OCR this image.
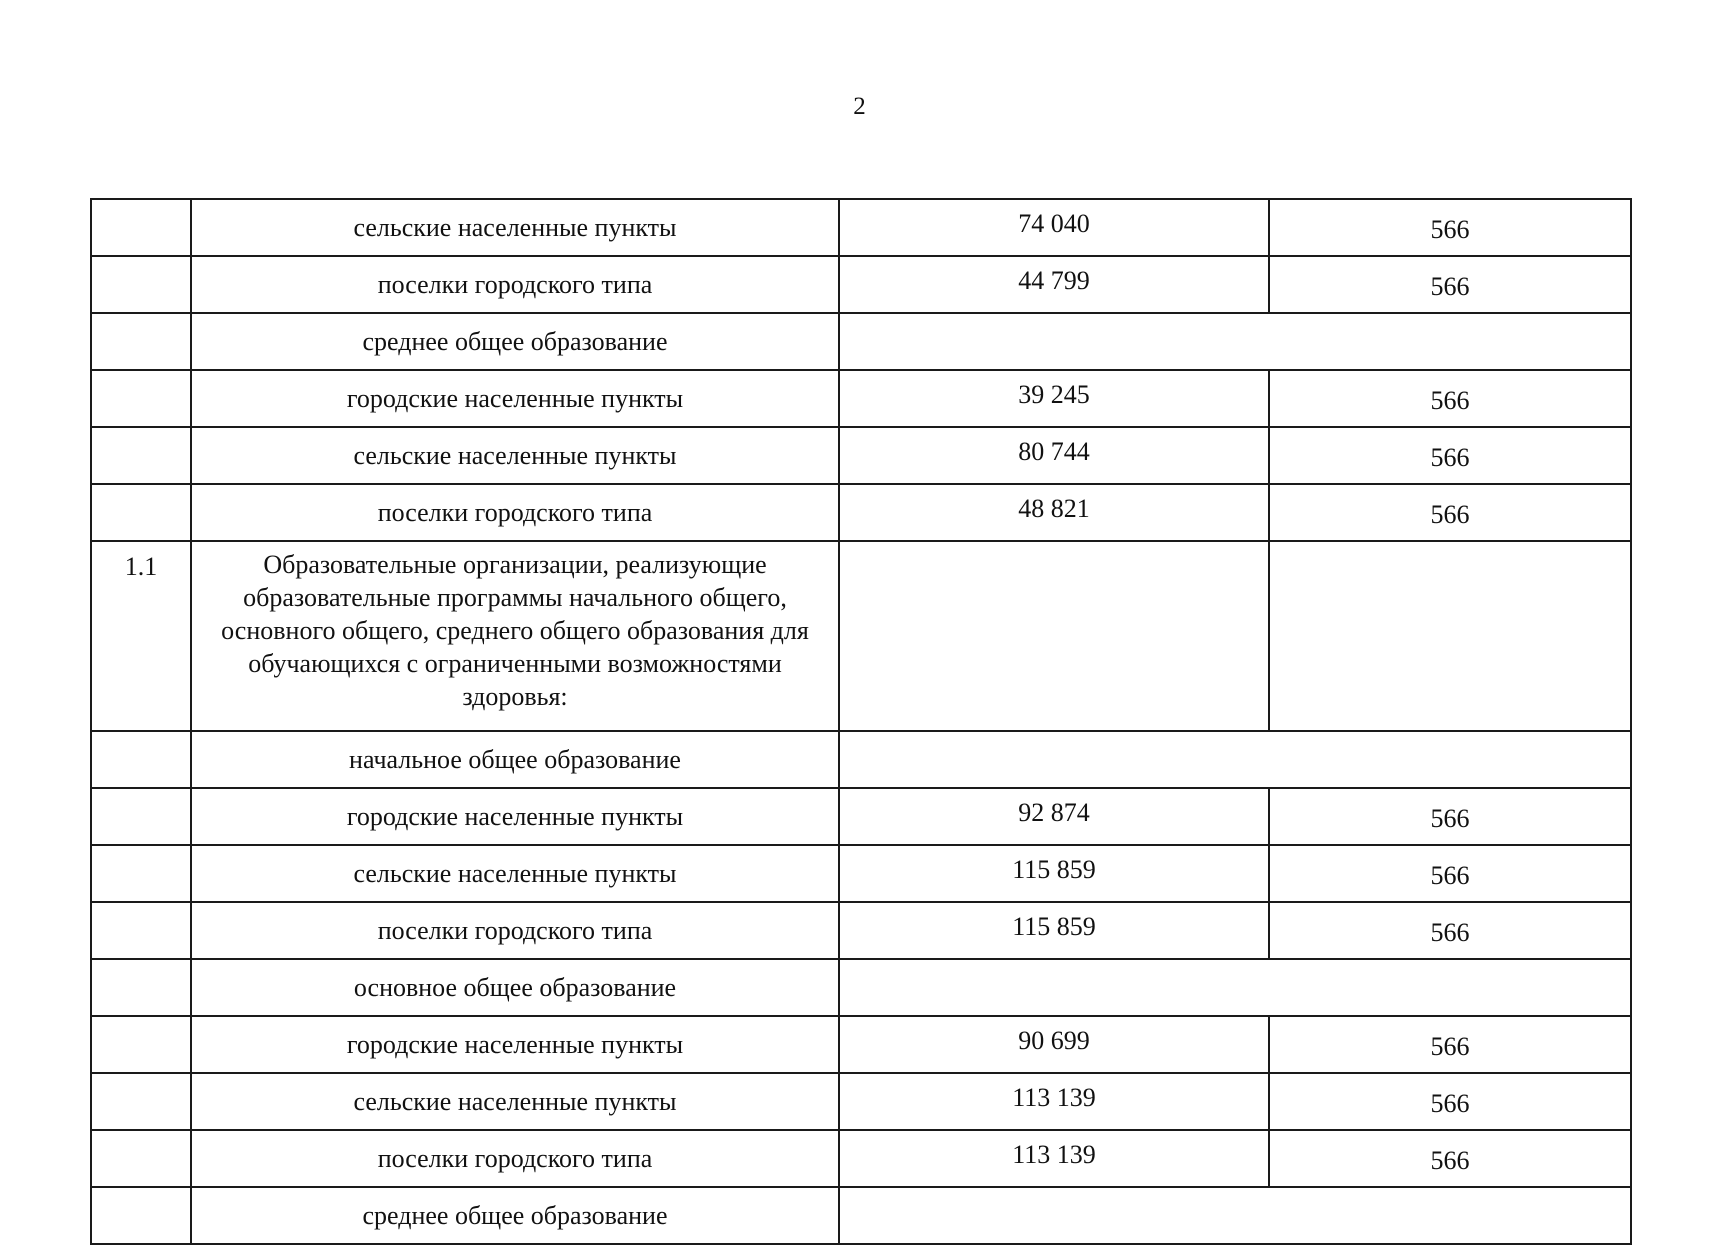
2
	сельские населенные пункты	74 040	566
	поселки городского типа	44 799	566
	среднее общее образование		
	городские населенные пункты	39 245	566
	сельские населенные пункты	80 744	566
	поселки городского типа	48 821	566
1.1	Образовательные организации, реализующие образовательные программы начального общего, основного общего, среднего общего образования для обучающихся с ограниченными возможностями здоровья:		
	начальное общее образование		
	городские населенные пункты	92 874	566
	сельские населенные пункты	115 859	566
	поселки городского типа	115 859	566
	основное общее образование		
	городские населенные пункты	90 699	566
	сельские населенные пункты	113 139	566
	поселки городского типа	113 139	566
	среднее общее образование		
